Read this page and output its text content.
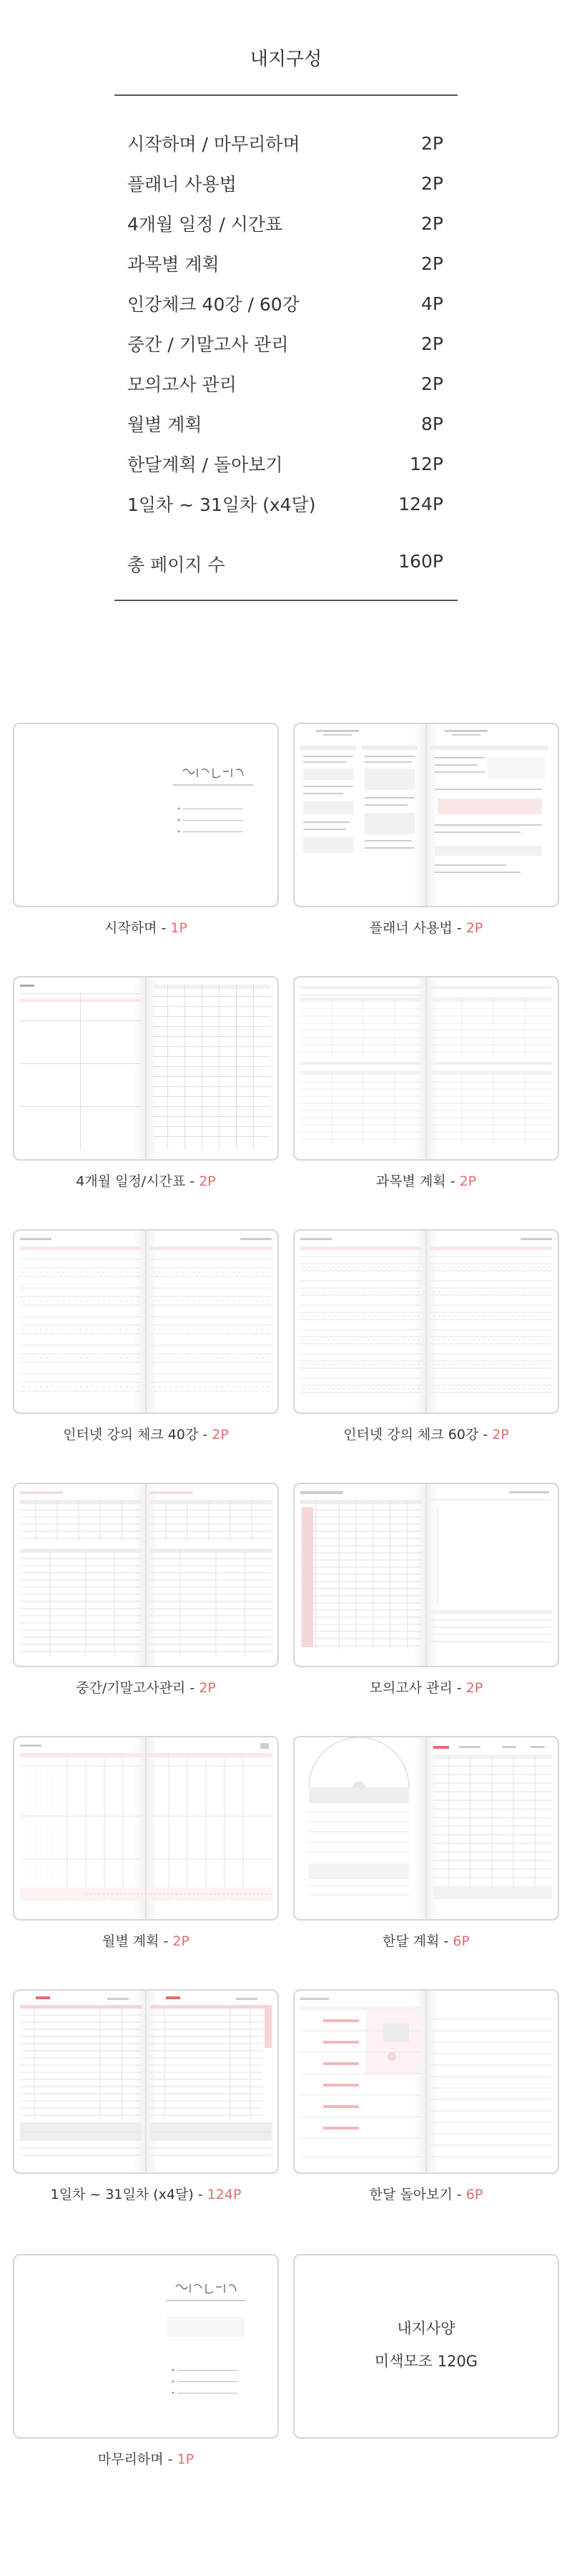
내지구성
시작하며 / 마무리하며	2P
플래너 사용법	2P
4개월 일정 / 시간표	2P
과목별 계획	2P
인강체크 40강 / 60강	4P
중간 / 기말고사 관리	2P
모의고사 관리	2P
월별 계획	8P
한달계획 / 돌아보기	12P
1일차 ~ 31일차 (x4달)	124P
총 페이지 수	160P
시작하며 - 1P	플래너 사용법 - 2P
4개월 일정/시간표 - 2P	과목별 계획 - 2P
인터넷 강의 체크 40강 - 2P	인터넷 강의 체크 60강 - 2P
중간/기말고사관리 - 2P	모의고사 관리 - 2P
월별 계획 - 2P	한달 계획 - 6P
1일차 ~ 31일차 (x4달) - 124P	한달 돌아보기 - 6P
마무리하며 - 1P
내지사양
미색모조 120G
